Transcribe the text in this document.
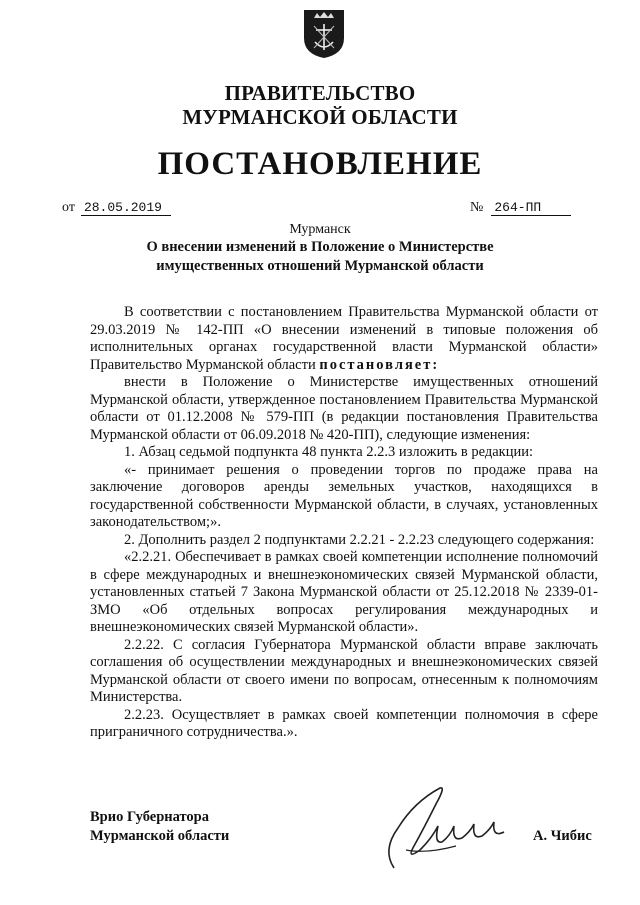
ПРАВИТЕЛЬСТВО
МУРМАНСКОЙ ОБЛАСТИ
ПОСТАНОВЛЕНИЕ
от 28.05.2019	№ 264-ПП
Мурманск
О внесении изменений в Положение о Министерстве имущественных отношений Мурманской области

В соответствии с постановлением Правительства Мурманской области от 29.03.2019 № 142-ПП «О внесении изменений в типовые положения об исполнительных органах государственной власти Мурманской области» Правительство Мурманской области постановляет:

внести в Положение о Министерстве имущественных отношений Мурманской области, утвержденное постановлением Правительства Мурманской области от 01.12.2008 № 579-ПП (в редакции постановления Правительства Мурманской области от 06.09.2018 № 420-ПП), следующие изменения:

1. Абзац седьмой подпункта 48 пункта 2.2.3 изложить в редакции:

«- принимает решения о проведении торгов по продаже права на заключение договоров аренды земельных участков, находящихся в государственной собственности Мурманской области, в случаях, установленных законодательством;».

2. Дополнить раздел 2 подпунктами 2.2.21 - 2.2.23 следующего содержания:

«2.2.21. Обеспечивает в рамках своей компетенции исполнение полномочий в сфере международных и внешнеэкономических связей Мурманской области, установленных статьей 7 Закона Мурманской области от 25.12.2018 № 2339-01-ЗМО «Об отдельных вопросах регулирования международных и внешнеэкономических связей Мурманской области».

2.2.22. С согласия Губернатора Мурманской области вправе заключать соглашения об осуществлении международных и внешнеэкономических связей Мурманской области от своего имени по вопросам, отнесенным к полномочиям Министерства.

2.2.23. Осуществляет в рамках своей компетенции полномочия в сфере приграничного сотрудничества.».

Врио Губернатора
Мурманской области	А. Чибис
